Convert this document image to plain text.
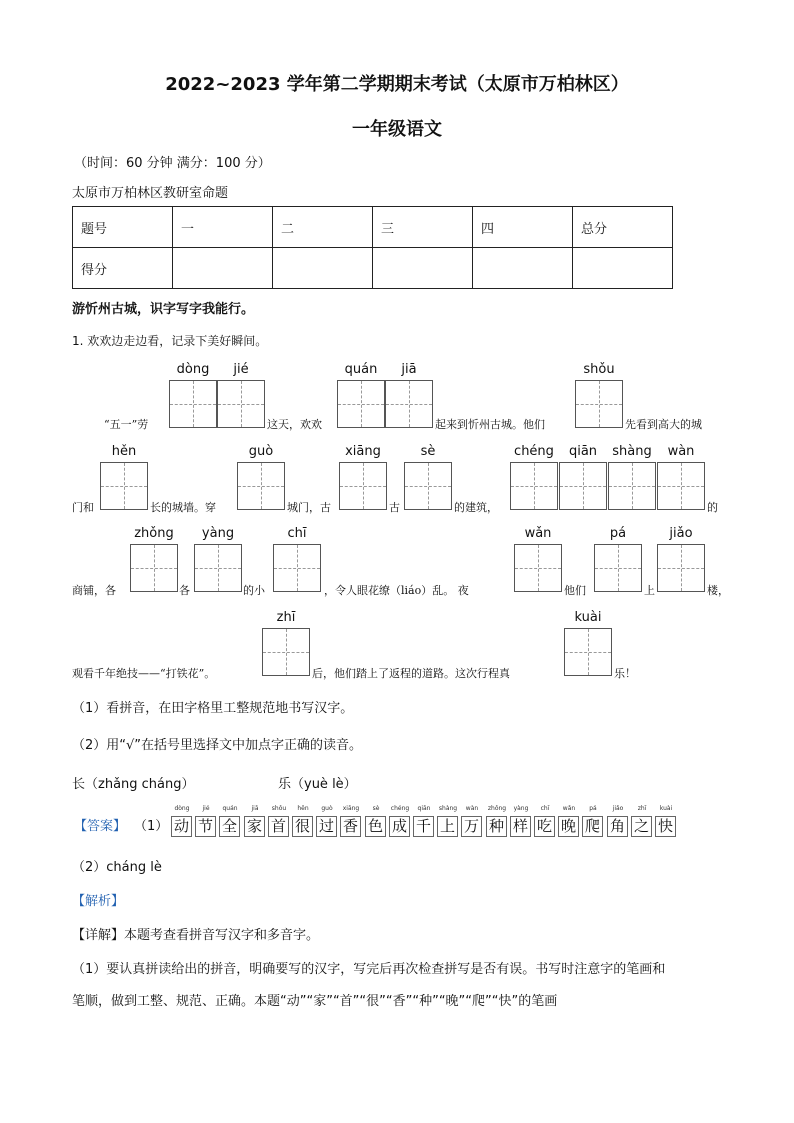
2022~2023 学年第二学期期末考试（太原市万柏林区）
一年级语文
（时间：60 分钟 满分：100 分）
太原市万柏林区教研室命题
题号	一	二	三	四	总分
得分					
游忻州古城，识字写字我能行。
1. 欢欢边走边看，记录下美好瞬间。
dòng	jié	quán	jiā	shǒu
“五一”劳	这天，欢欢	起来到忻州古城。他们	先看到高大的城
hěn	guò	xiāng	sè	chéng	qiān	shàng	wàn
门和	长的城墙。穿	城门，古	古	的建筑，	的
zhǒng	yàng	chī	wǎn	pá	jiǎo
商铺，各	各	的小	，令人眼花缭（liáo）乱。 夜	他们	上	楼，
zhī	kuài
观看千年绝技——“打铁花”。	后，他们踏上了返程的道路。这次行程真	乐！
（1）看拼音，在田字格里工整规范地书写汉字。
（2）用“√”在括号里选择文中加点字正确的读音。
长（zhǎng cháng）	乐（yuè lè）
【答案】 （1）
dòng
动
jié
节
quán
全
jiā
家
shǒu
首
hěn
很
guò
过
xiāng
香
sè
色
chéng
成
qiān
千
shàng
上
wàn
万
zhǒng
种
yàng
样
chī
吃
wǎn
晚
pá
爬
jiǎo
角
zhī
之
kuài
快
（2）cháng lè
【解析】
【详解】本题考查看拼音写汉字和多音字。
（1）要认真拼读给出的拼音，明确要写的汉字，写完后再次检查拼写是否有误。书写时注意字的笔画和
笔顺，做到工整、规范、正确。本题“动”“家”“首”“很”“香”“种”“晚”“爬”“快”的笔画
